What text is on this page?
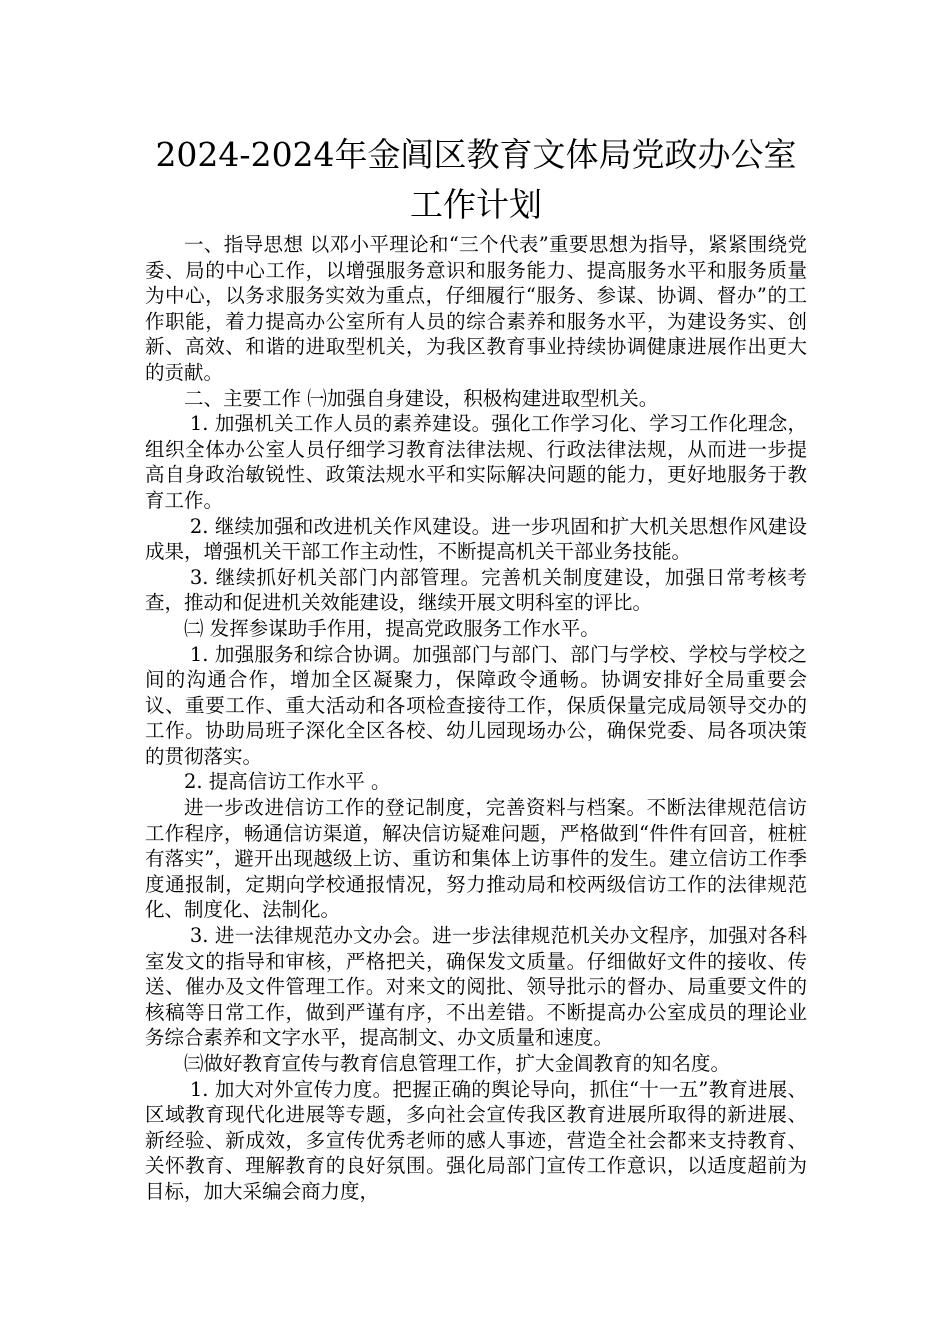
2024-2024年金阊区教育文体局党政办公室
工作计划

一、指导思想 以邓小平理论和“三个代表”重要思想为指导，紧紧围绕党委、局的中心工作，以增强服务意识和服务能力、提高服务水平和服务质量为中心，以务求服务实效为重点，仔细履行“服务、参谋、协调、督办”的工作职能，着力提高办公室所有人员的综合素养和服务水平，为建设务实、创新、高效、和谐的进取型机关，为我区教育事业持续协调健康进展作出更大的贡献。

二、主要工作 ㈠加强自身建设，积极构建进取型机关。

1. 加强机关工作人员的素养建设。强化工作学习化、学习工作化理念，组织全体办公室人员仔细学习教育法律法规、行政法律法规，从而进一步提高自身政治敏锐性、政策法规水平和实际解决问题的能力，更好地服务于教育工作。

2. 继续加强和改进机关作风建设。进一步巩固和扩大机关思想作风建设成果，增强机关干部工作主动性，不断提高机关干部业务技能。

3. 继续抓好机关部门内部管理。完善机关制度建设，加强日常考核考查，推动和促进机关效能建设，继续开展文明科室的评比。

㈡ 发挥参谋助手作用，提高党政服务工作水平。

1. 加强服务和综合协调。加强部门与部门、部门与学校、学校与学校之间的沟通合作，增加全区凝聚力，保障政令通畅。协调安排好全局重要会议、重要工作、重大活动和各项检查接待工作，保质保量完成局领导交办的工作。协助局班子深化全区各校、幼儿园现场办公，确保党委、局各项决策的贯彻落实。

2. 提高信访工作水平 。

进一步改进信访工作的登记制度，完善资料与档案。不断法律规范信访工作程序，畅通信访渠道，解决信访疑难问题，严格做到“件件有回音，桩桩有落实”，避开出现越级上访、重访和集体上访事件的发生。建立信访工作季度通报制，定期向学校通报情况，努力推动局和校两级信访工作的法律规范化、制度化、法制化。

3. 进一法律规范办文办会。进一步法律规范机关办文程序，加强对各科室发文的指导和审核，严格把关，确保发文质量。仔细做好文件的接收、传送、催办及文件管理工作。对来文的阅批、领导批示的督办、局重要文件的核稿等日常工作，做到严谨有序，不出差错。不断提高办公室成员的理论业务综合素养和文字水平，提高制文、办文质量和速度。

㈢做好教育宣传与教育信息管理工作，扩大金阊教育的知名度。

1. 加大对外宣传力度。把握正确的舆论导向，抓住“十一五”教育进展、区域教育现代化进展等专题，多向社会宣传我区教育进展所取得的新进展、新经验、新成效，多宣传优秀老师的感人事迹，营造全社会都来支持教育、关怀教育、理解教育的良好氛围。强化局部门宣传工作意识，以适度超前为目标，加大采编会商力度，
